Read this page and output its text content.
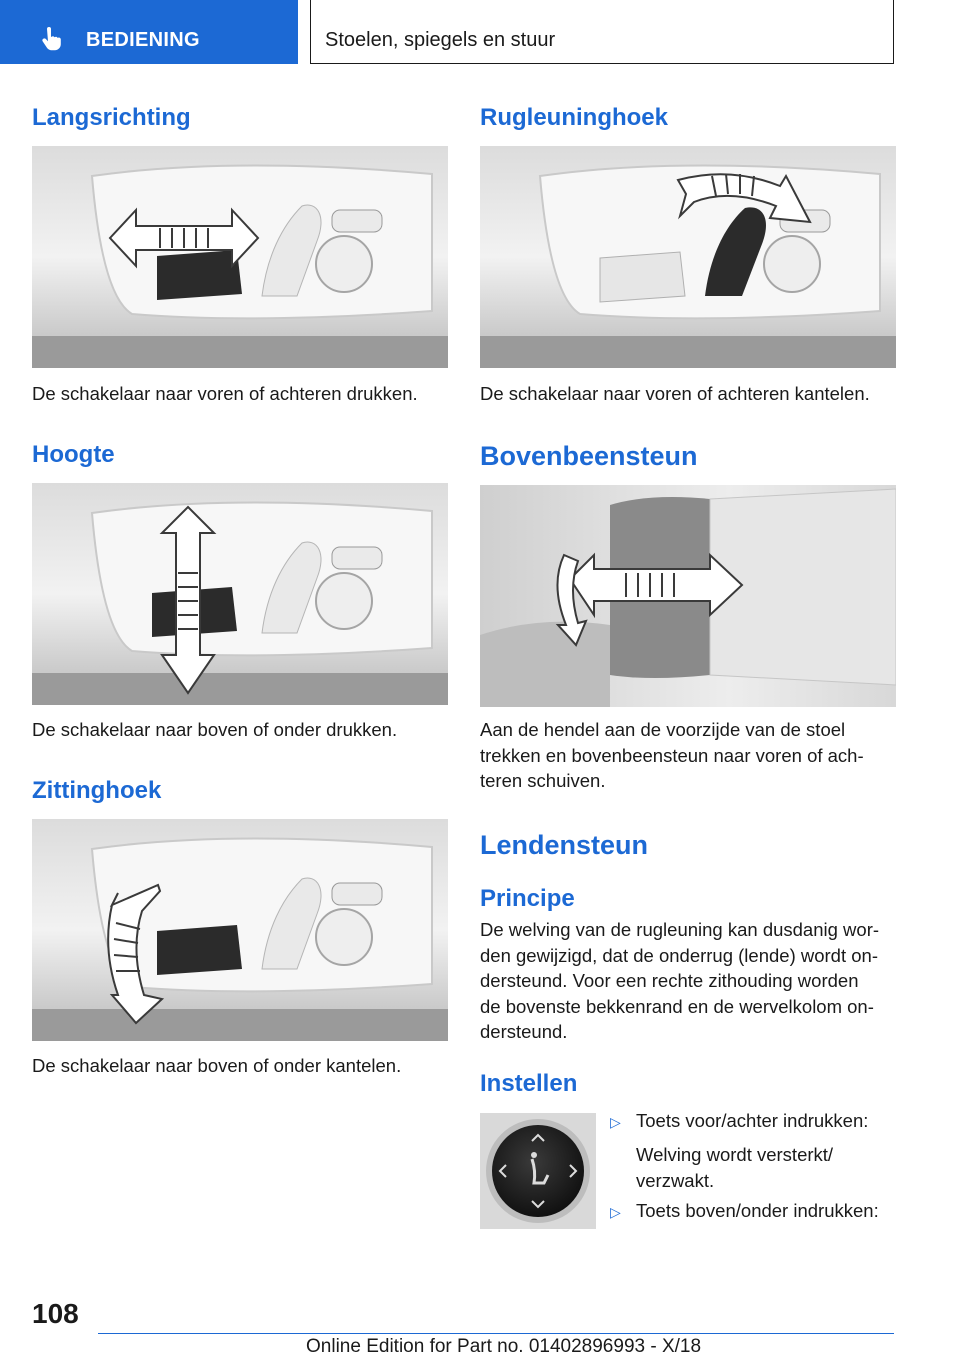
BEDIENING	Stoelen, spiegels en stuur
Langsrichting
De schakelaar naar voren of achteren drukken.
Hoogte
De schakelaar naar boven of onder drukken.
Zittinghoek
De schakelaar naar boven of onder kantelen.
Rugleuninghoek
De schakelaar naar voren of achteren kantelen.
Bovenbeensteun
Aan de hendel aan de voorzijde van de stoel
trekken en bovenbeensteun naar voren of ach-
teren schuiven.
Lendensteun
Principe
De welving van de rugleuning kan dusdanig wor-
den gewijzigd, dat de onderrug (lende) wordt on-
dersteund. Voor een rechte zithouding worden
de bovenste bekkenrand en de wervelkolom on-
dersteund.
Instellen
▷ Toets voor/achter indrukken:
Welving wordt versterkt/
verzwakt.
▷ Toets boven/onder indrukken:
108
Online Edition for Part no. 01402896993 - X/18
